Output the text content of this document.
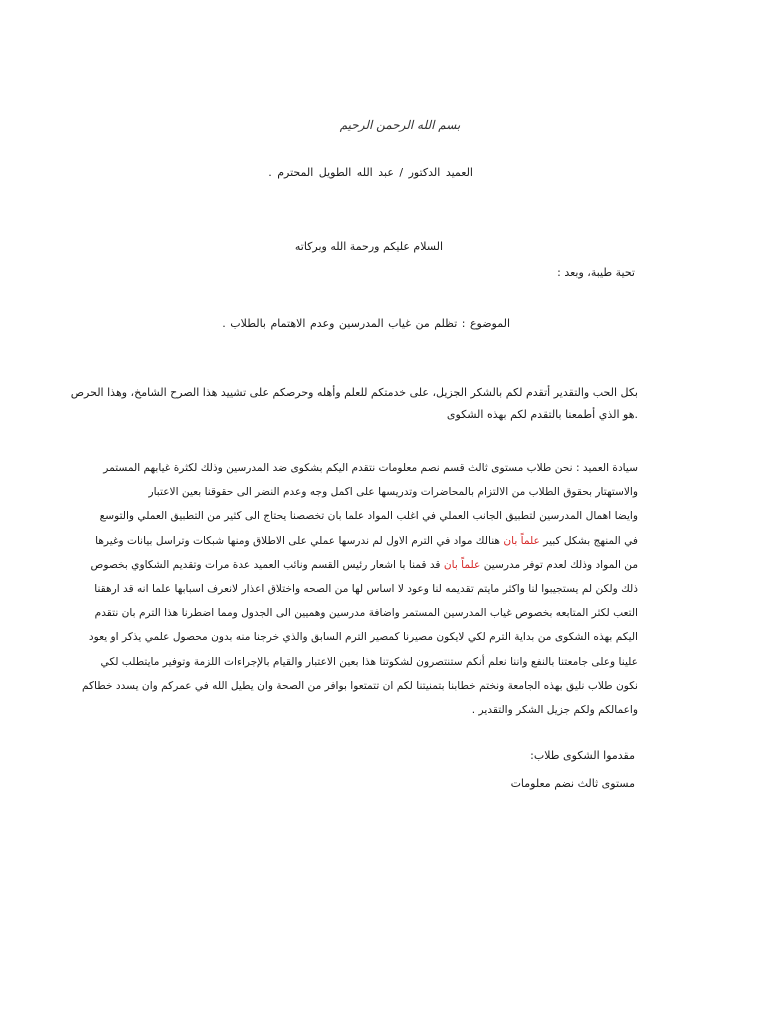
بسم الله الرحمن الرحيم
العميد الدكتور / عبد الله الطويل المحترم .
السلام عليكم ورحمة الله وبركاته
تحية طيبة، وبعد :
الموضوع : تظلم من غياب المدرسين وعدم الاهتمام بالطلاب .

بكل الحب والتقدير أتقدم لكم بالشكر الجزيل، على خدمتكم للعلم وأهله وحرصكم على تشييد هذا الصرح الشامخ، وهذا الحرص

.هو الذي أطمعنا بالتقدم لكم بهذه الشكوى

سيادة العميد : نحن طلاب مستوى ثالث قسم نصم معلومات نتقدم اليكم بشكوى ضد المدرسين وذلك لكثرة غيابهم المستمر
والاستهتار بحقوق الطلاب من الالتزام بالمحاضرات وتدريسها على اكمل وجه وعدم النضر الى حقوقنا بعين الاعتبار
وايضا اهمال المدرسين لتطبيق الجانب العملي في اغلب المواد علما بان تخصصنا يحتاج الى كثير من التطبيق العملي والتوسع
في المنهج بشكل كبير علماً بان هنالك مواد في الترم الاول لم ندرسها عملي على الاطلاق ومنها شبكات وتراسل بيانات وغيرها
من المواد وذلك لعدم توفر مدرسين علماً بان قد قمنا با اشعار رئيس القسم ونائب العميد عدة مرات وتقديم الشكاوي بخصوص
ذلك ولكن لم يستجيبوا لنا واكثر مايتم تقديمه لنا وعود لا اساس لها من الصحه واختلاق اعذار لانعرف اسبابها علما انه قد ارهقنا
التعب لكثر المتابعه بخصوص غياب المدرسين المستمر واضافة مدرسين وهميين الى الجدول ومما اضطرنا هذا الترم بان نتقدم
اليكم بهذه الشكوى من بداية الترم لكي لايكون مصيرنا كمصير الترم السابق والذي خرجنا منه بدون محصول علمي يذكر او يعود
علينا وعلى جامعتنا بالنفع واننا نعلم أنكم ستنتصرون لشكوتنا هذا بعين الاعتبار والقيام بالإجراءات اللزمة وتوفير مايتطلب لكي
نكون طلاب نليق بهذه الجامعة ونختم خطابنا بتمنيتنا لكم ان تتمتعوا بوافر من الصحة وان يطيل الله في عمركم وان يسدد خطاكم
واعمالكم ولكم جزيل الشكر والتقدير .
مقدموا الشكوى طلاب:
مستوى ثالث نضم معلومات
